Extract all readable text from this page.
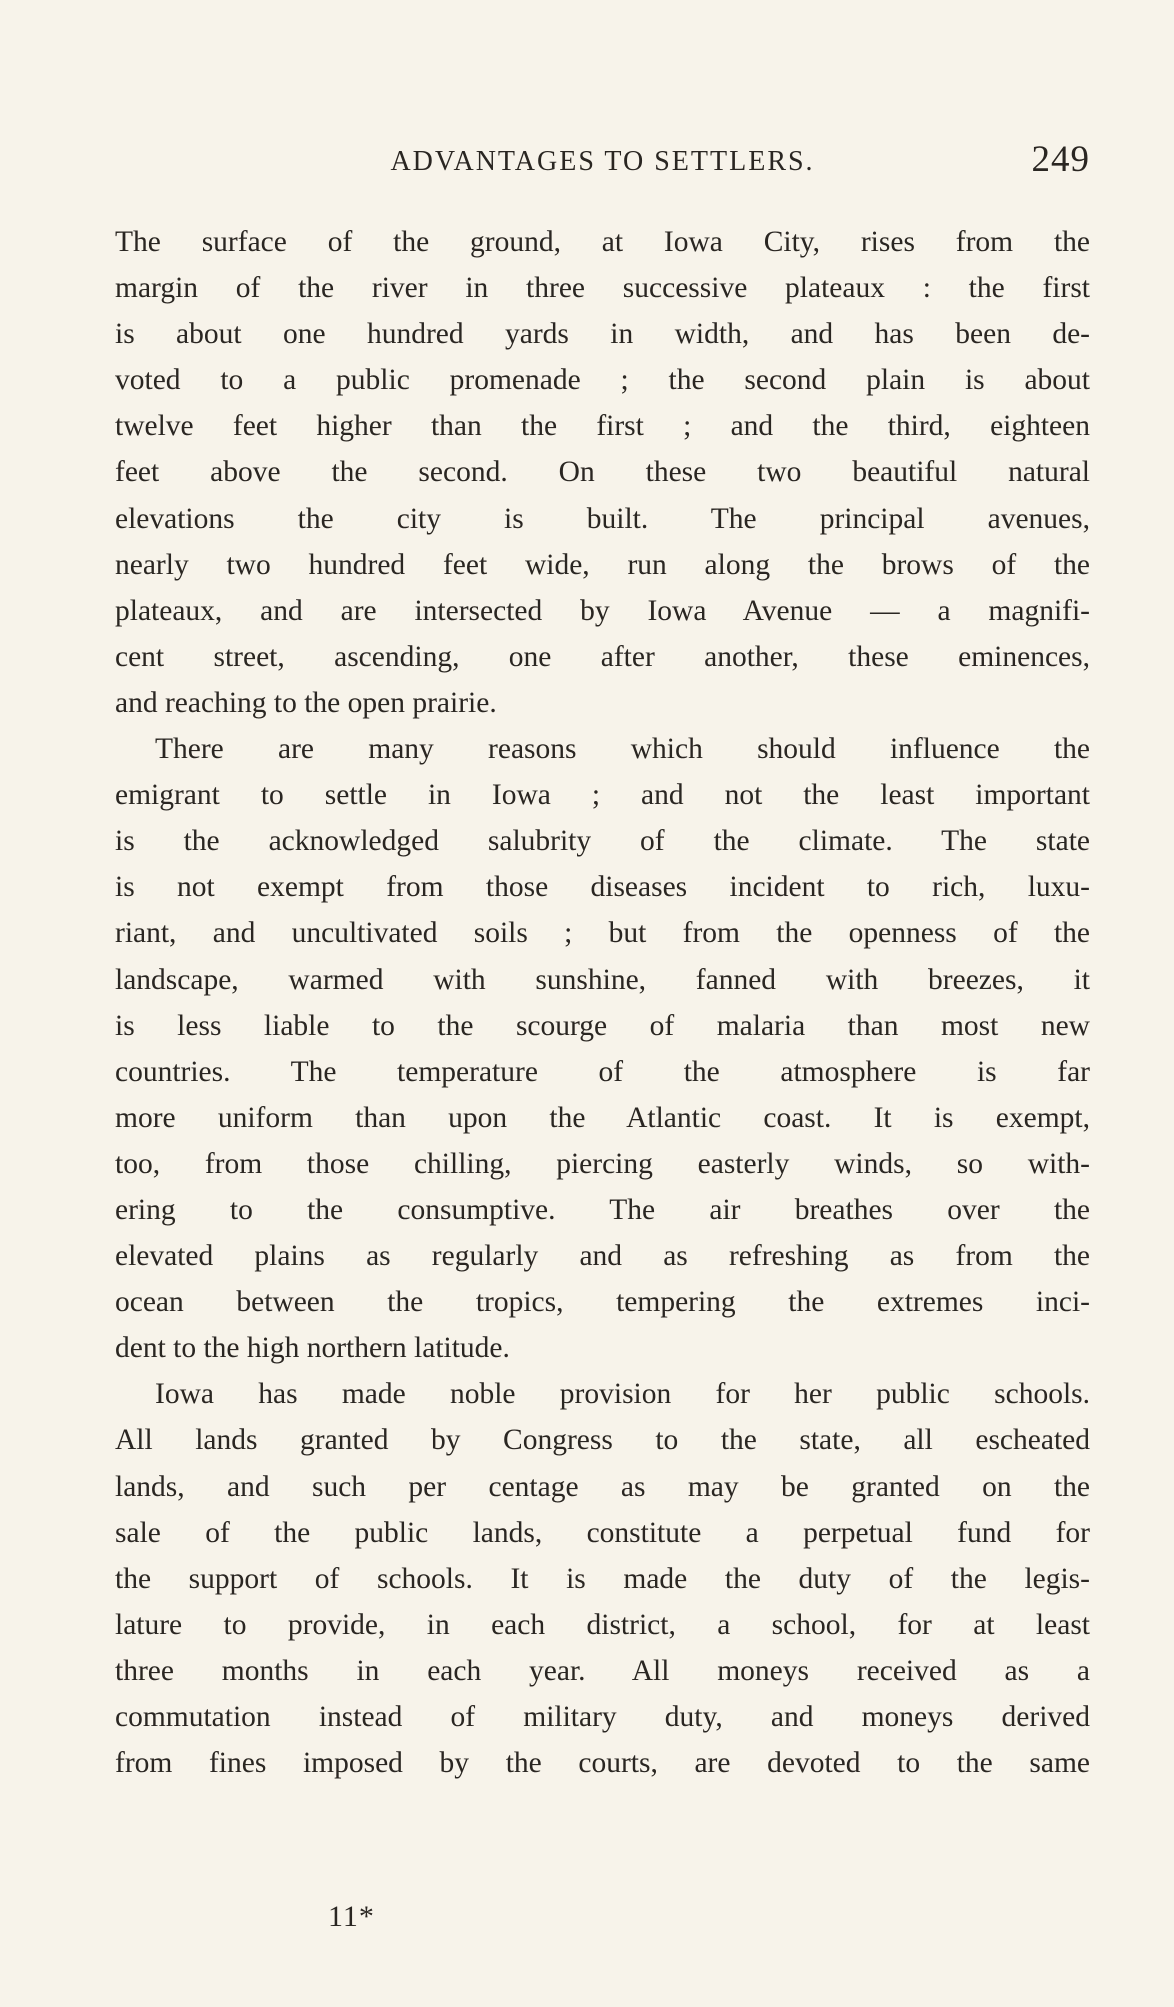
ADVANTAGES TO SETTLERS.	249
The surface of the ground, at Iowa City, rises from the
margin of the river in three successive plateaux : the first
is about one hundred yards in width, and has been de-
voted to a public promenade ; the second plain is about
twelve feet higher than the first ; and the third, eighteen
feet above the second. On these two beautiful natural
elevations the city is built. The principal avenues,
nearly two hundred feet wide, run along the brows of the
plateaux, and are intersected by Iowa Avenue — a magnifi-
cent street, ascending, one after another, these eminences,
and reaching to the open prairie.
There are many reasons which should influence the
emigrant to settle in Iowa ; and not the least important
is the acknowledged salubrity of the climate. The state
is not exempt from those diseases incident to rich, luxu-
riant, and uncultivated soils ; but from the openness of the
landscape, warmed with sunshine, fanned with breezes, it
is less liable to the scourge of malaria than most new
countries. The temperature of the atmosphere is far
more uniform than upon the Atlantic coast. It is exempt,
too, from those chilling, piercing easterly winds, so with-
ering to the consumptive. The air breathes over the
elevated plains as regularly and as refreshing as from the
ocean between the tropics, tempering the extremes inci-
dent to the high northern latitude.
Iowa has made noble provision for her public schools.
All lands granted by Congress to the state, all escheated
lands, and such per centage as may be granted on the
sale of the public lands, constitute a perpetual fund for
the support of schools. It is made the duty of the legis-
lature to provide, in each district, a school, for at least
three months in each year. All moneys received as a
commutation instead of military duty, and moneys derived
from fines imposed by the courts, are devoted to the same
11*
